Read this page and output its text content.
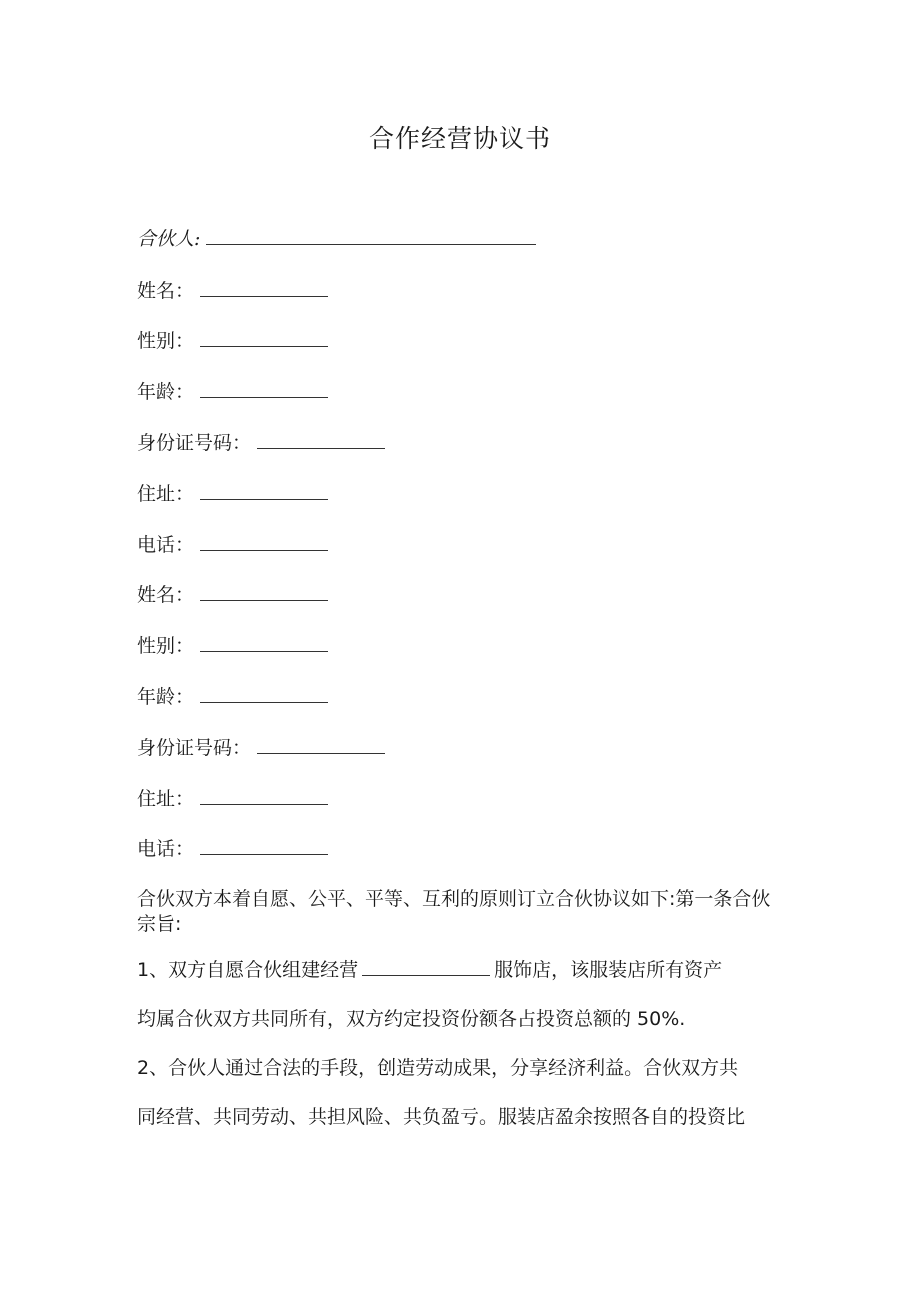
合作经营协议书
合伙人:
姓名：
性别：
年龄：
身份证号码：
住址：
电话：
姓名：
性别：
年龄：
身份证号码：
住址：
电话：
合伙双方本着自愿、公平、平等、互利的原则订立合伙协议如下:第一条合伙宗旨:
1、双方自愿合伙组建经营	服饰店，该服装店所有资产
均属合伙双方共同所有，双方约定投资份额各占投资总额的 50%.
2、合伙人通过合法的手段，创造劳动成果，分享经济利益。合伙双方共
同经营、共同劳动、共担风险、共负盈亏。服装店盈余按照各自的投资比
